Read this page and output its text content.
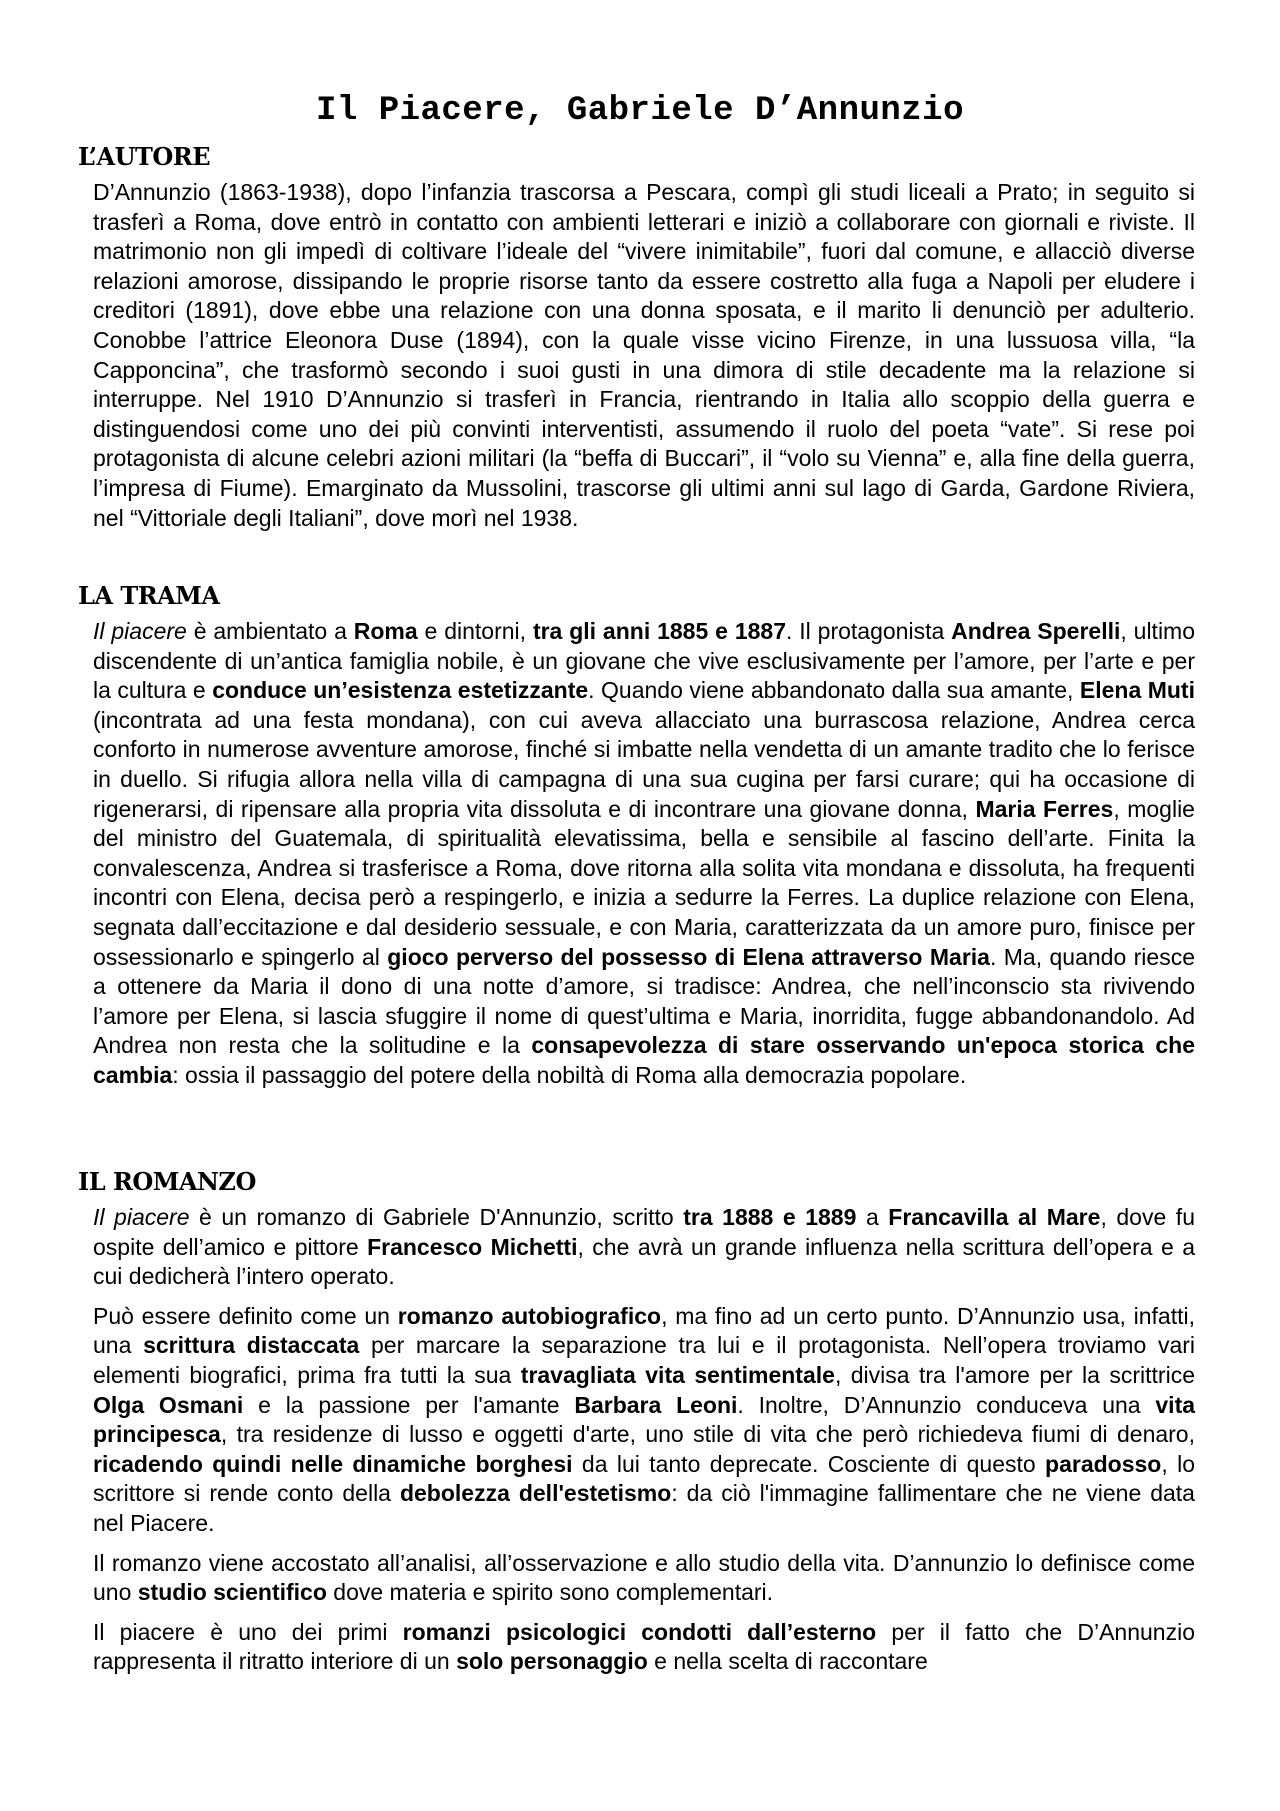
Il Piacere, Gabriele D’Annunzio
L’AUTORE

D’Annunzio (1863-1938), dopo l’infanzia trascorsa a Pescara, compì gli studi liceali a Prato; in seguito si trasferì a Roma, dove entrò in contatto con ambienti letterari e iniziò a collaborare con giornali e riviste. Il matrimonio non gli impedì di coltivare l’ideale del “vivere inimitabile”, fuori dal comune, e allacciò diverse relazioni amorose, dissipando le proprie risorse tanto da essere costretto alla fuga a Napoli per eludere i creditori (1891), dove ebbe una relazione con una donna sposata, e il marito li denunciò per adulterio. Conobbe l’attrice Eleonora Duse (1894), con la quale visse vicino Firenze, in una lussuosa villa, “la Capponcina”, che trasformò secondo i suoi gusti in una dimora di stile decadente ma la relazione si interruppe. Nel 1910 D’Annunzio si trasferì in Francia, rientrando in Italia allo scoppio della guerra e distinguendosi come uno dei più convinti interventisti, assumendo il ruolo del poeta “vate”. Si rese poi protagonista di alcune celebri azioni militari (la “beffa di Buccari”, il “volo su Vienna” e, alla fine della guerra, l’impresa di Fiume). Emarginato da Mussolini, trascorse gli ultimi anni sul lago di Garda, Gardone Riviera, nel “Vittoriale degli Italiani”, dove morì nel 1938.

LA TRAMA

Il piacere è ambientato a Roma e dintorni, tra gli anni 1885 e 1887. Il protagonista Andrea Sperelli, ultimo discendente di un’antica famiglia nobile, è un giovane che vive esclusivamente per l’amore, per l’arte e per la cultura e conduce un’esistenza estetizzante. Quando viene abbandonato dalla sua amante, Elena Muti (incontrata ad una festa mondana), con cui aveva allacciato una burrascosa relazione, Andrea cerca conforto in numerose avventure amorose, finché si imbatte nella vendetta di un amante tradito che lo ferisce in duello. Si rifugia allora nella villa di campagna di una sua cugina per farsi curare; qui ha occasione di rigenerarsi, di ripensare alla propria vita dissoluta e di incontrare una giovane donna, Maria Ferres, moglie del ministro del Guatemala, di spiritualità elevatissima, bella e sensibile al fascino dell’arte. Finita la convalescenza, Andrea si trasferisce a Roma, dove ritorna alla solita vita mondana e dissoluta, ha frequenti incontri con Elena, decisa però a respingerlo, e inizia a sedurre la Ferres. La duplice relazione con Elena, segnata dall’eccitazione e dal desiderio sessuale, e con Maria, caratterizzata da un amore puro, finisce per ossessionarlo e spingerlo al gioco perverso del possesso di Elena attraverso Maria. Ma, quando riesce a ottenere da Maria il dono di una notte d’amore, si tradisce: Andrea, che nell’inconscio sta rivivendo l’amore per Elena, si lascia sfuggire il nome di quest’ultima e Maria, inorridita, fugge abbandonandolo. Ad Andrea non resta che la solitudine e la consapevolezza di stare osservando un'epoca storica che cambia: ossia il passaggio del potere della nobiltà di Roma alla democrazia popolare.

IL ROMANZO

Il piacere è un romanzo di Gabriele D'Annunzio, scritto tra 1888 e 1889 a Francavilla al Mare, dove fu ospite dell’amico e pittore Francesco Michetti, che avrà un grande influenza nella scrittura dell’opera e a cui dedicherà l’intero operato.

Può essere definito come un romanzo autobiografico, ma fino ad un certo punto. D’Annunzio usa, infatti, una scrittura distaccata per marcare la separazione tra lui e il protagonista. Nell’opera troviamo vari elementi biografici, prima fra tutti la sua travagliata vita sentimentale, divisa tra l'amore per la scrittrice Olga Osmani e la passione per l'amante Barbara Leoni. Inoltre, D’Annunzio conduceva una vita principesca, tra residenze di lusso e oggetti d'arte, uno stile di vita che però richiedeva fiumi di denaro, ricadendo quindi nelle dinamiche borghesi da lui tanto deprecate. Cosciente di questo paradosso, lo scrittore si rende conto della debolezza dell'estetismo: da ciò l'immagine fallimentare che ne viene data nel Piacere.

Il romanzo viene accostato all’analisi, all’osservazione e allo studio della vita. D’annunzio lo definisce come uno studio scientifico dove materia e spirito sono complementari.

Il piacere è uno dei primi romanzi psicologici condotti dall’esterno per il fatto che D’Annunzio rappresenta il ritratto interiore di un solo personaggio e nella scelta di raccontare
